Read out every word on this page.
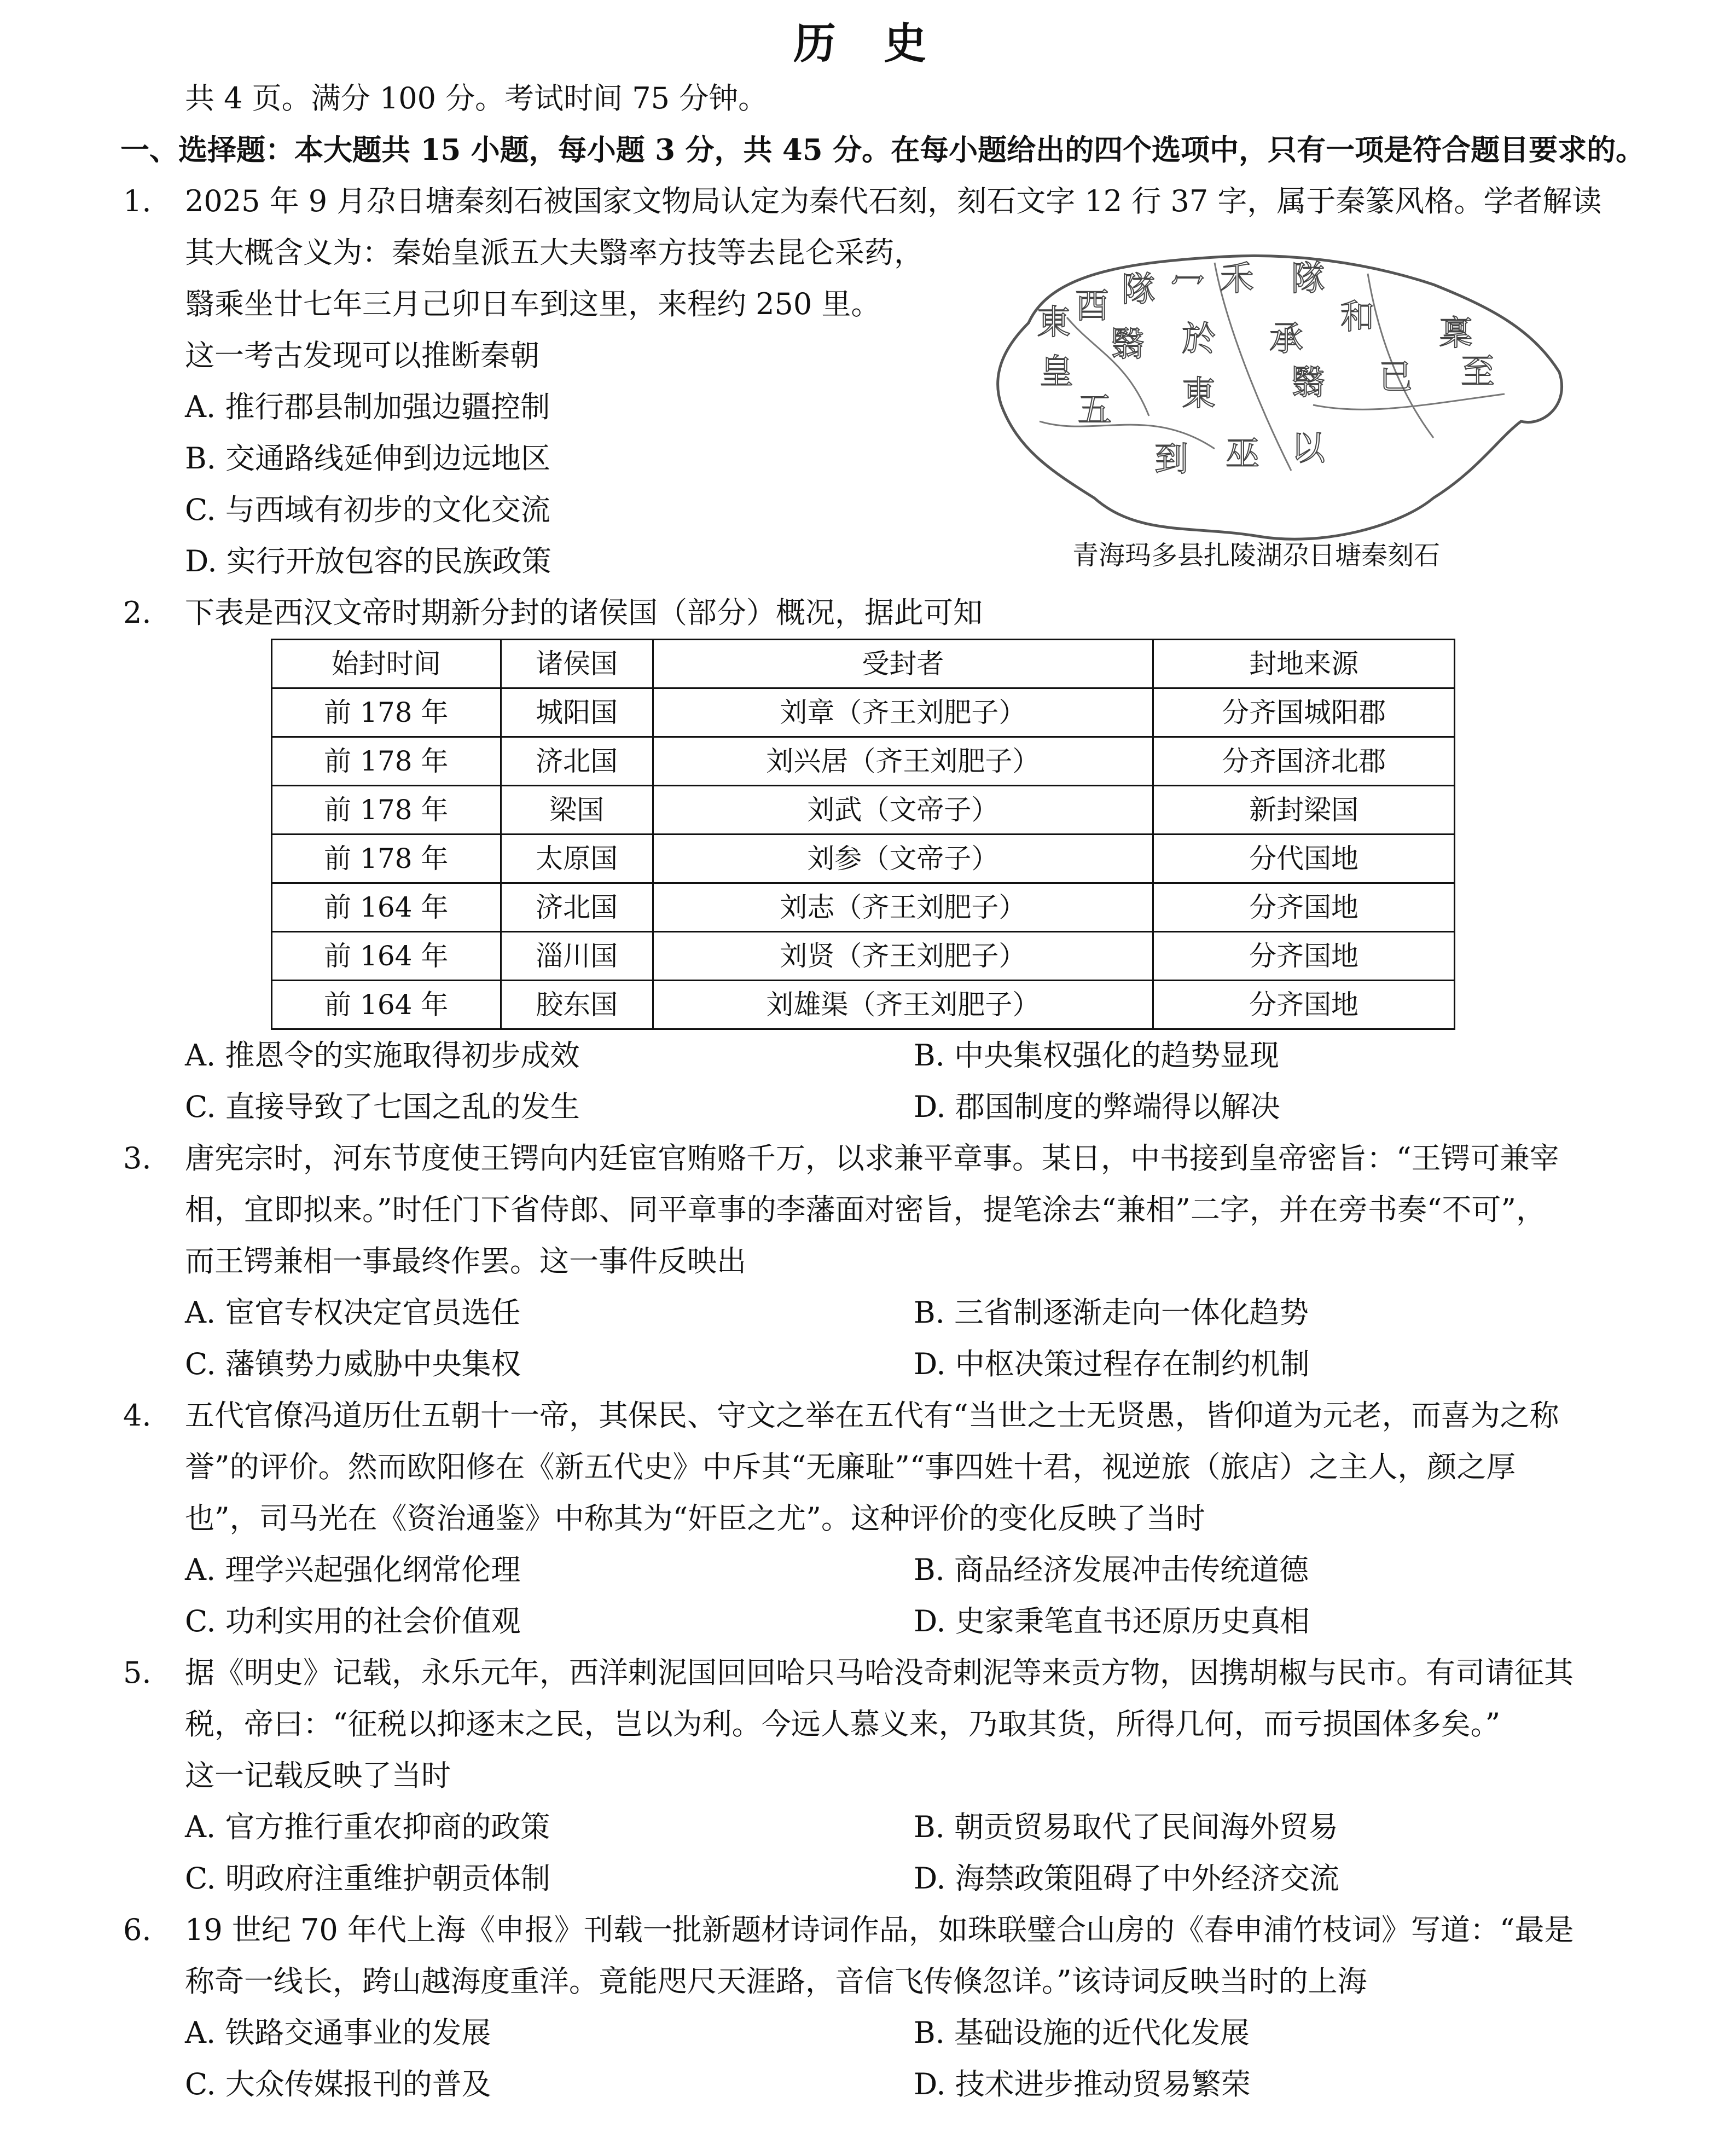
历 史
東 酉 隊 冖 禾 隊
皇
翳 於 承
和 稟
五 東 翳 已 至
到 巫 以
青海玛多县扎陵湖尕日塘秦刻石
共 4 页。满分 100 分。考试时间 75 分钟。
一、选择题：本大题共 15 小题，每小题 3 分，共 45 分。在每小题给出的四个选项中，只有一项是符合题目要求的。
1. 2025 年 9 月尕日塘秦刻石被国家文物局认定为秦代石刻，刻石文字 12 行 37 字，属于秦篆风格。学者解读
其大概含义为：秦始皇派五大夫翳率方技等去昆仑采药，
翳乘坐廿七年三月己卯日车到这里，来程约 250 里。
这一考古发现可以推断秦朝
A. 推行郡县制加强边疆控制
B. 交通路线延伸到边远地区
C. 与西域有初步的文化交流
D. 实行开放包容的民族政策
2. 下表是西汉文帝时期新分封的诸侯国（部分）概况，据此可知
始封时间	诸侯国	受封者	封地来源
前 178 年	城阳国	刘章（齐王刘肥子）	分齐国城阳郡
前 178 年	济北国	刘兴居（齐王刘肥子）	分齐国济北郡
前 178 年	梁国	刘武（文帝子）	新封梁国
前 178 年	太原国	刘参（文帝子）	分代国地
前 164 年	济北国	刘志（齐王刘肥子）	分齐国地
前 164 年	淄川国	刘贤（齐王刘肥子）	分齐国地
前 164 年	胶东国	刘雄渠（齐王刘肥子）	分齐国地
A. 推恩令的实施取得初步成效	B. 中央集权强化的趋势显现
C. 直接导致了七国之乱的发生	D. 郡国制度的弊端得以解决
3. 唐宪宗时，河东节度使王锷向内廷宦官贿赂千万，以求兼平章事。某日，中书接到皇帝密旨：“王锷可兼宰
相，宜即拟来。”时任门下省侍郎、同平章事的李藩面对密旨，提笔涂去“兼相”二字，并在旁书奏“不可”，
而王锷兼相一事最终作罢。这一事件反映出
A. 宦官专权决定官员选任	B. 三省制逐渐走向一体化趋势
C. 藩镇势力威胁中央集权	D. 中枢决策过程存在制约机制
4. 五代官僚冯道历仕五朝十一帝，其保民、守文之举在五代有“当世之士无贤愚，皆仰道为元老，而喜为之称
誉”的评价。然而欧阳修在《新五代史》中斥其“无廉耻”“事四姓十君，视逆旅（旅店）之主人，颜之厚
也”，司马光在《资治通鉴》中称其为“奸臣之尤”。这种评价的变化反映了当时
A. 理学兴起强化纲常伦理	B. 商品经济发展冲击传统道德
C. 功利实用的社会价值观	D. 史家秉笔直书还原历史真相
5. 据《明史》记载，永乐元年，西洋剌泥国回回哈只马哈没奇剌泥等来贡方物，因携胡椒与民市。有司请征其
税，帝曰：“征税以抑逐末之民，岂以为利。今远人慕义来，乃取其货，所得几何，而亏损国体多矣。”
这一记载反映了当时
A. 官方推行重农抑商的政策	B. 朝贡贸易取代了民间海外贸易
C. 明政府注重维护朝贡体制	D. 海禁政策阻碍了中外经济交流
6. 19 世纪 70 年代上海《申报》刊载一批新题材诗词作品，如珠联璧合山房的《春申浦竹枝词》写道：“最是
称奇一线长，跨山越海度重洋。竟能咫尺天涯路，音信飞传倏忽详。”该诗词反映当时的上海
A. 铁路交通事业的发展	B. 基础设施的近代化发展
C. 大众传媒报刊的普及	D. 技术进步推动贸易繁荣
